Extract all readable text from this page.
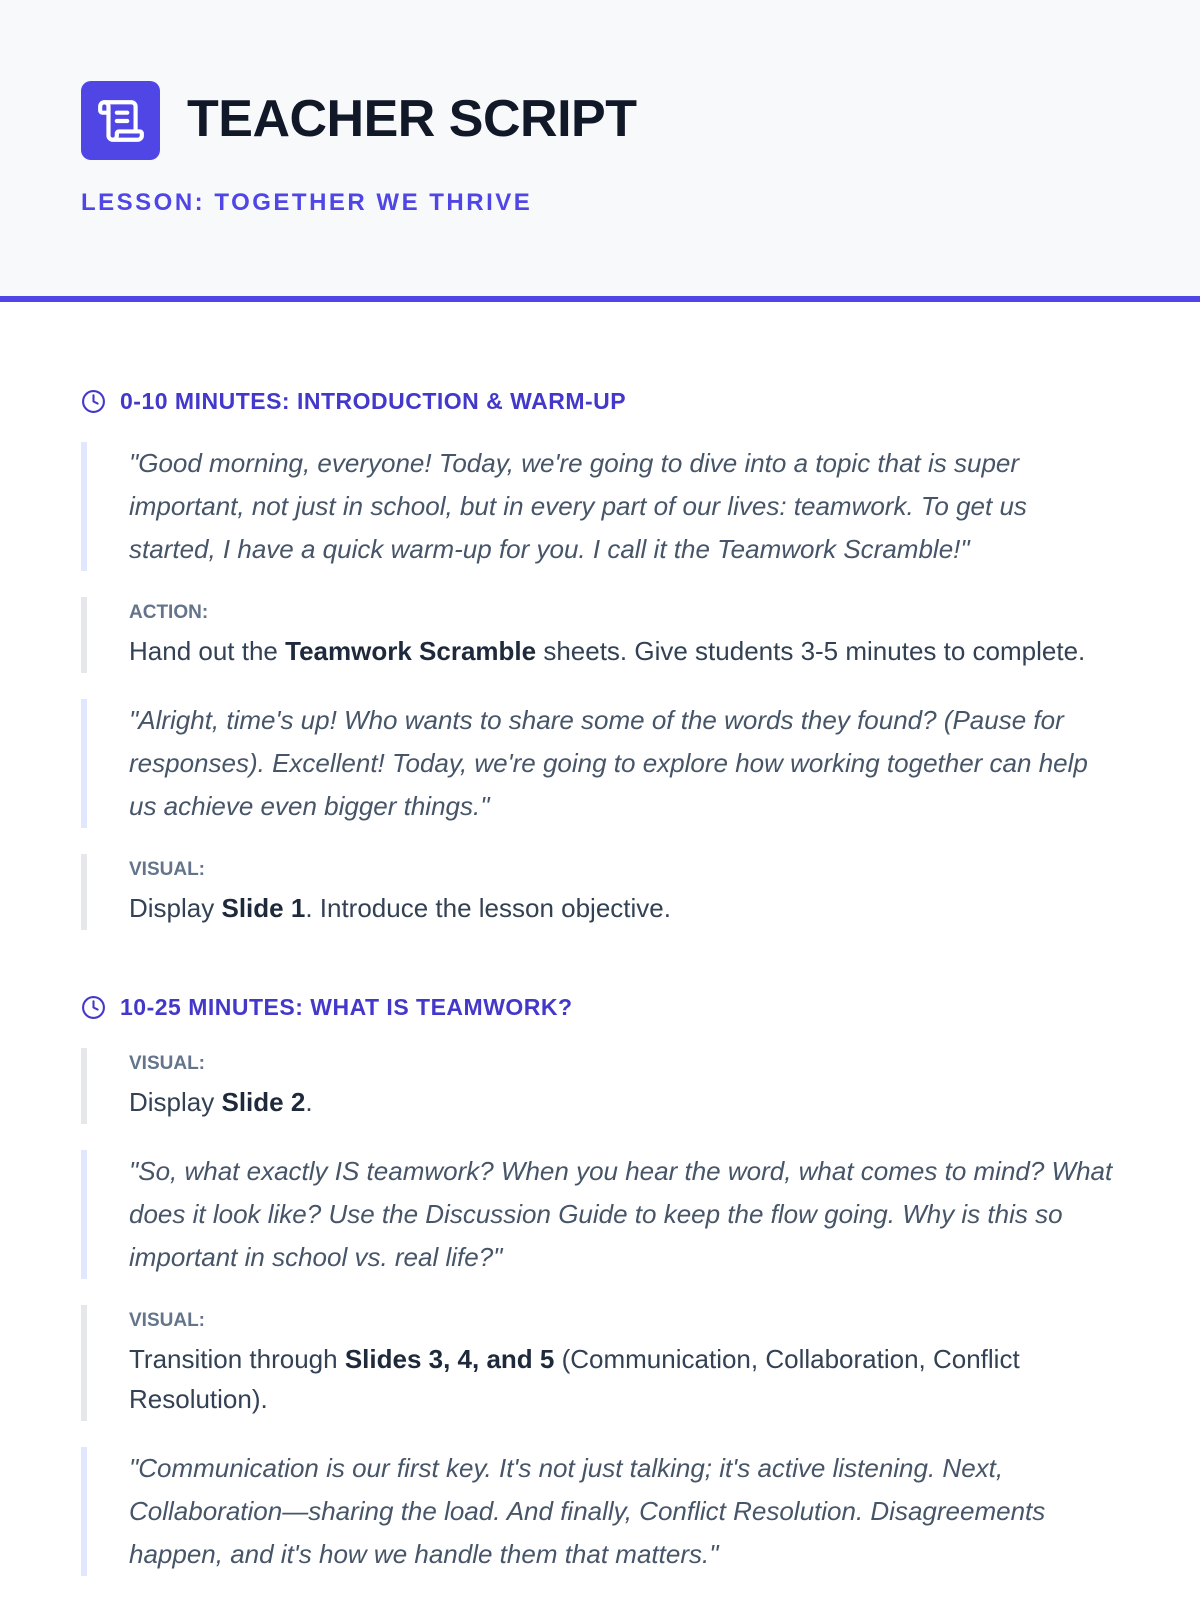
TEACHER SCRIPT
LESSON: TOGETHER WE THRIVE
0-10 MINUTES: INTRODUCTION & WARM-UP
"Good morning, everyone! Today, we're going to dive into a topic that is super important, not just in school, but in every part of our lives: teamwork. To get us started, I have a quick warm-up for you. I call it the Teamwork Scramble!"
ACTION:
Hand out the Teamwork Scramble sheets. Give students 3-5 minutes to complete.
"Alright, time's up! Who wants to share some of the words they found? (Pause for responses). Excellent! Today, we're going to explore how working together can help us achieve even bigger things."
VISUAL:
Display Slide 1. Introduce the lesson objective.
10-25 MINUTES: WHAT IS TEAMWORK?
VISUAL:
Display Slide 2.
"So, what exactly IS teamwork? When you hear the word, what comes to mind? What does it look like? Use the Discussion Guide to keep the flow going. Why is this so important in school vs. real life?"
VISUAL:
Transition through Slides 3, 4, and 5 (Communication, Collaboration, Conflict Resolution).
"Communication is our first key. It's not just talking; it's active listening. Next, Collaboration—sharing the load. And finally, Conflict Resolution. Disagreements happen, and it's how we handle them that matters."
